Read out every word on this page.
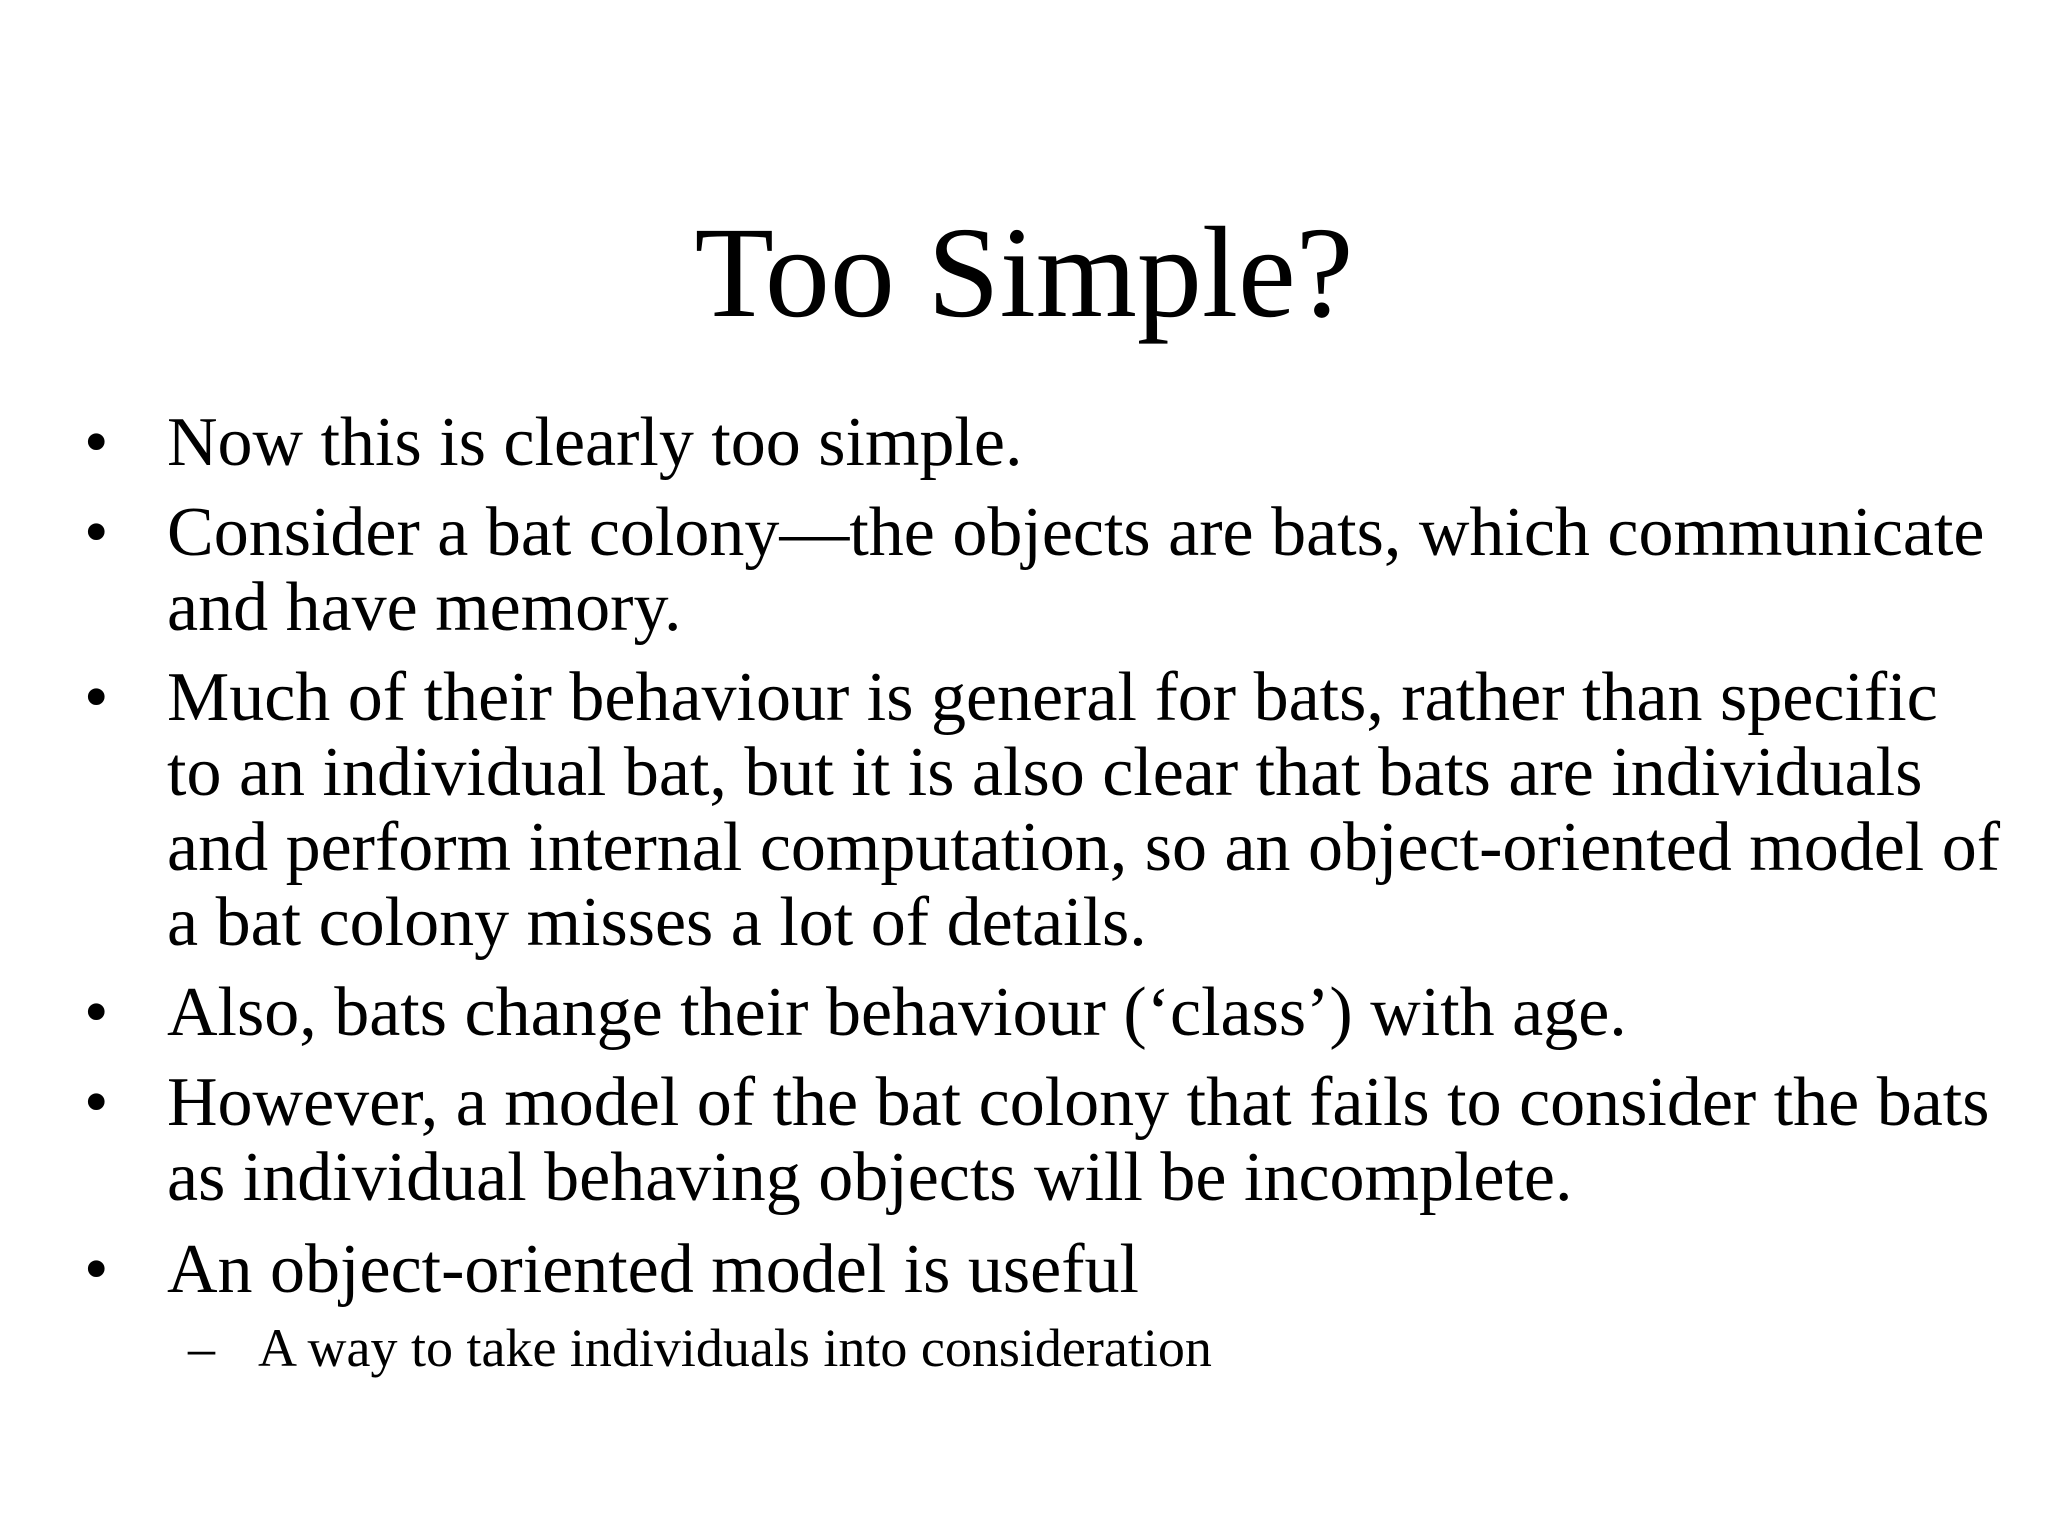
Too Simple?
• Now this is clearly too simple.
• Consider a bat colony—the objects are bats, which communicate
and have memory.
• Much of their behaviour is general for bats, rather than specific
to an individual bat, but it is also clear that bats are individuals
and perform internal computation, so an object-oriented model of
a bat colony misses a lot of details.
• Also, bats change their behaviour (‘class’) with age.
• However, a model of the bat colony that fails to consider the bats
as individual behaving objects will be incomplete.
• An object-oriented model is useful
– A way to take individuals into consideration
